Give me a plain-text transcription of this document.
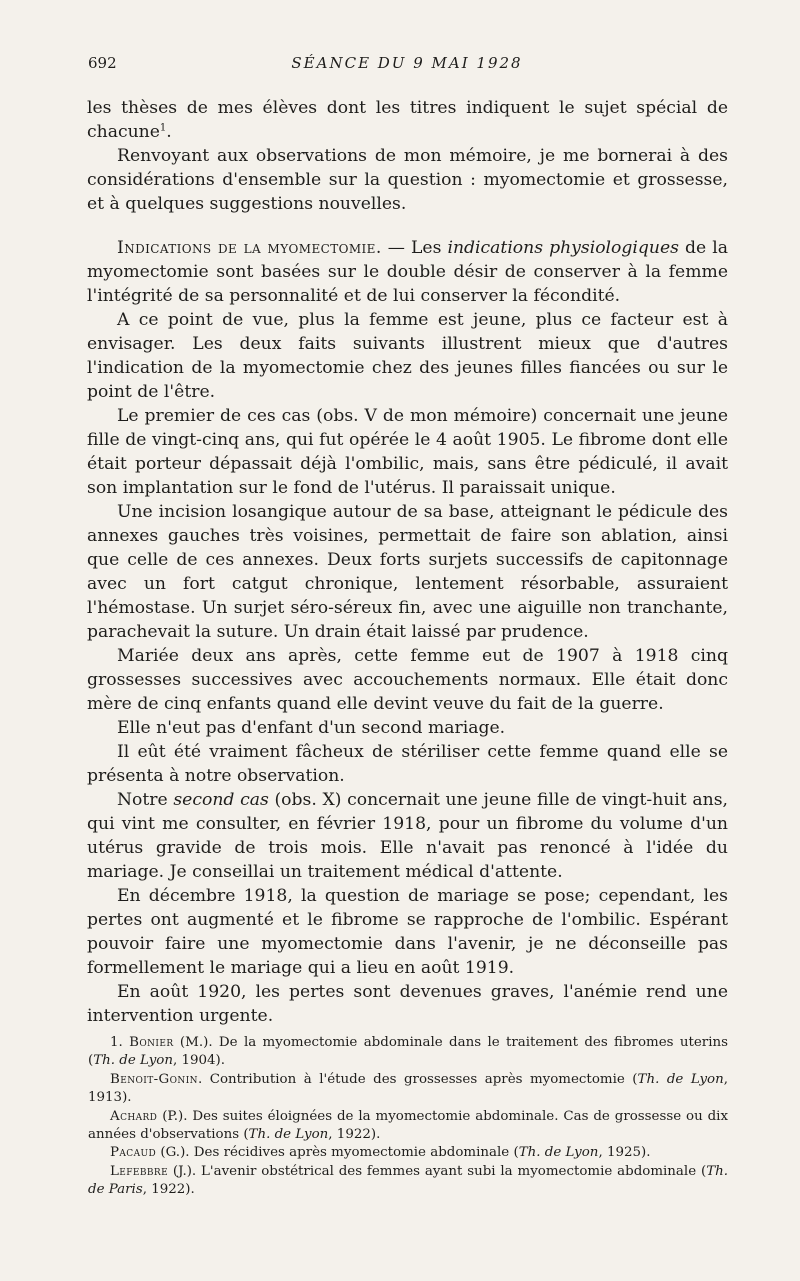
692	SÉANCE DU 9 MAI 1928

les thèses de mes élèves dont les titres indiquent le sujet spécial de chacune$^1$.

Renvoyant aux observations de mon mémoire, je me bornerai à des considérations d'ensemble sur la question : myomectomie et grossesse, et à quelques suggestions nouvelles.

Indications de la myomectomie. — Les indications physiologiques de la myomectomie sont basées sur le double désir de conserver à la femme l'intégrité de sa personnalité et de lui conserver la fécondité.

A ce point de vue, plus la femme est jeune, plus ce facteur est à envisager. Les deux faits suivants illustrent mieux que d'autres l'indication de la myomectomie chez des jeunes filles fiancées ou sur le point de l'être.

Le premier de ces cas (obs. V de mon mémoire) concernait une jeune fille de vingt-cinq ans, qui fut opérée le 4 août 1905. Le fibrome dont elle était porteur dépassait déjà l'ombilic, mais, sans être pédiculé, il avait son implantation sur le fond de l'utérus. Il paraissait unique.

Une incision losangique autour de sa base, atteignant le pédicule des annexes gauches très voisines, permettait de faire son ablation, ainsi que celle de ces annexes. Deux forts surjets successifs de capitonnage avec un fort catgut chronique, lentement résorbable, assuraient l'hémostase. Un surjet séro-séreux fin, avec une aiguille non tranchante, parachevait la suture. Un drain était laissé par prudence.

Mariée deux ans après, cette femme eut de 1907 à 1918 cinq grossesses successives avec accouchements normaux. Elle était donc mère de cinq enfants quand elle devint veuve du fait de la guerre.

Elle n'eut pas d'enfant d'un second mariage.

Il eût été vraiment fâcheux de stériliser cette femme quand elle se présenta à notre observation.

Notre second cas (obs. X) concernait une jeune fille de vingt-huit ans, qui vint me consulter, en février 1918, pour un fibrome du volume d'un utérus gravide de trois mois. Elle n'avait pas renoncé à l'idée du mariage. Je conseillai un traitement médical d'attente.

En décembre 1918, la question de mariage se pose; cependant, les pertes ont augmenté et le fibrome se rapproche de l'ombilic. Espérant pouvoir faire une myomectomie dans l'avenir, je ne déconseille pas formellement le mariage qui a lieu en août 1919.

En août 1920, les pertes sont devenues graves, l'anémie rend une intervention urgente.

1. Bonier (M.). De la myomectomie abdominale dans le traitement des fibromes uterins (Th. de Lyon, 1904).

Benoit-Gonin. Contribution à l'étude des grossesses après myomectomie (Th. de Lyon, 1913).

Achard (P.). Des suites éloignées de la myomectomie abdominale. Cas de grossesse ou dix années d'observations (Th. de Lyon, 1922).

Pacaud (G.). Des récidives après myomectomie abdominale (Th. de Lyon, 1925).

Lefebbre (J.). L'avenir obstétrical des femmes ayant subi la myomectomie abdominale (Th. de Paris, 1922).
